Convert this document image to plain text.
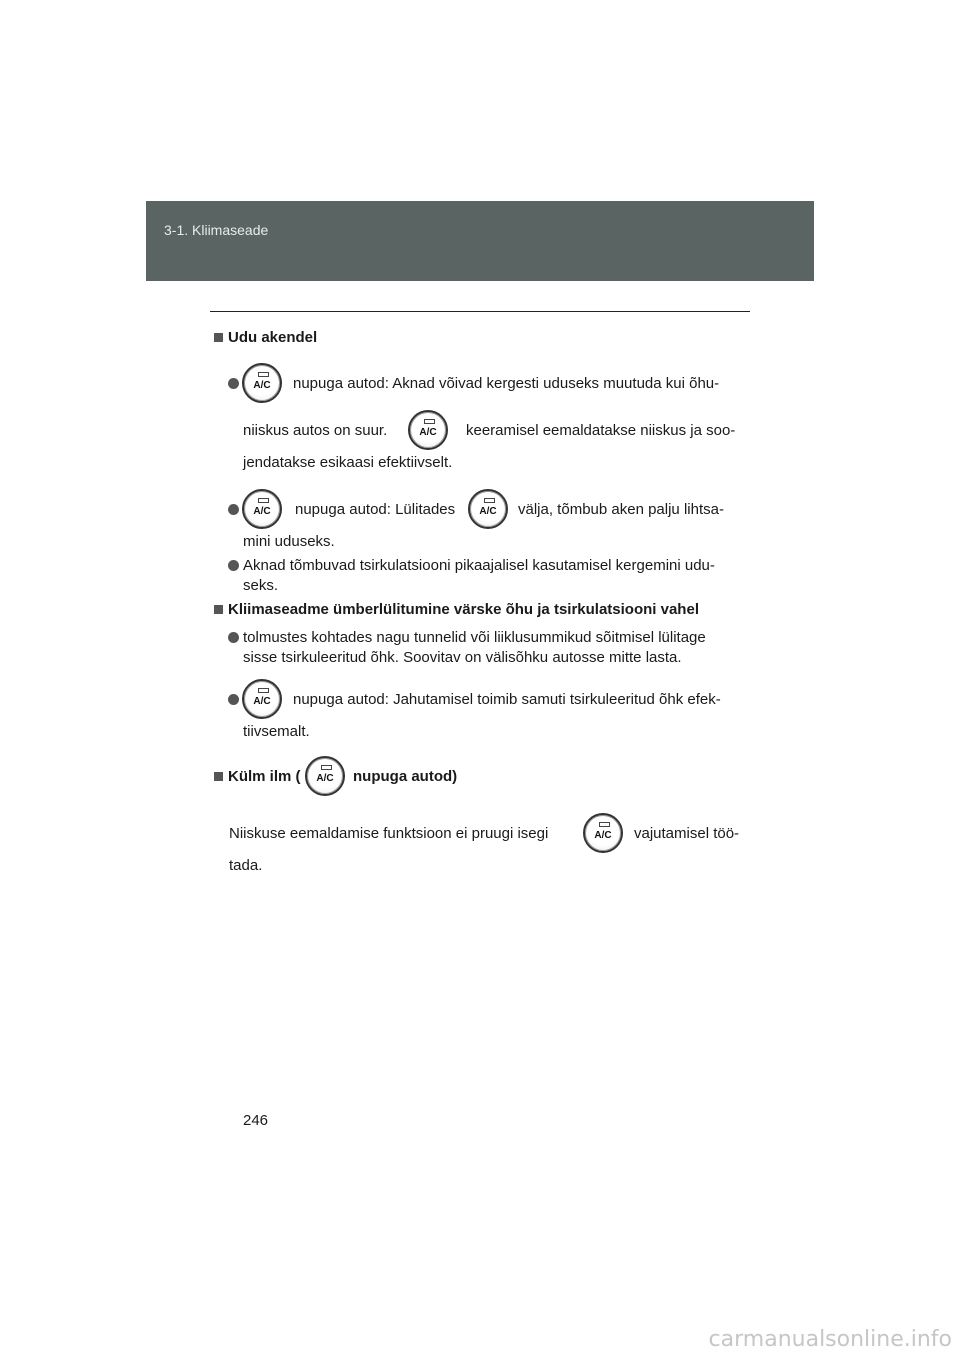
3-1. Kliimaseade
Udu akendel
A/C	nupuga autod: Aknad võivad kergesti uduseks muutuda kui õhu-
niiskus autos on suur.	A/C	keeramisel eemaldatakse niiskus ja soo-
jendatakse esikaasi efektiivselt.
A/C	nupuga autod: Lülitades	A/C	välja, tõmbub aken palju lihtsa-
mini uduseks.
Aknad tõmbuvad tsirkulatsiooni pikaajalisel kasutamisel kergemini udu-
seks.
Kliimaseadme ümberlülitumine värske õhu ja tsirkulatsiooni vahel
tolmustes kohtades nagu tunnelid või liiklusummikud sõitmisel lülitage
sisse tsirkuleeritud õhk. Soovitav on välisõhku autosse mitte lasta.
A/C	nupuga autod: Jahutamisel toimib samuti tsirkuleeritud õhk efek-
tiivsemalt.
Külm ilm (	A/C	nupuga autod)
Niiskuse eemaldamise funktsioon ei pruugi isegi	A/C	vajutamisel töö-
tada.
246
carmanualsonline.info
